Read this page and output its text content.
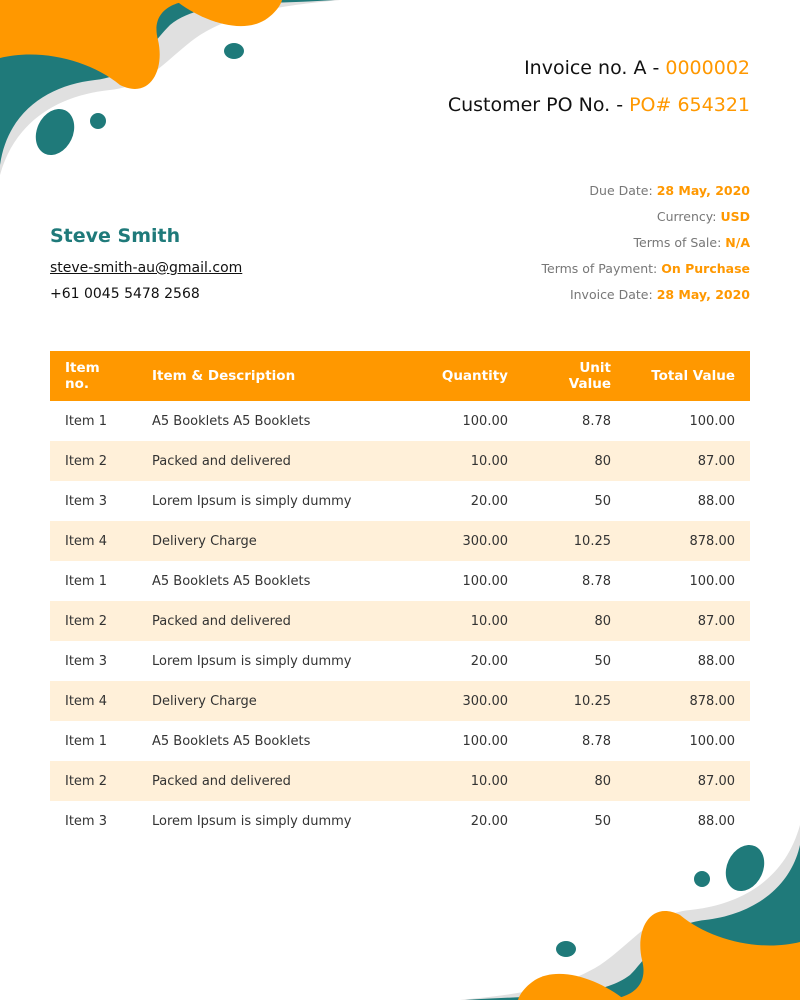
Invoice no. A - 0000002
Customer PO No. - PO# 654321
Steve Smith
steve-smith-au@gmail.com
+61 0045 5478 2568
Due Date: 28 May, 2020
Currency: USD
Terms of Sale: N/A
Terms of Payment: On Purchase
Invoice Date: 28 May, 2020
Item no.	Item & Description	Quantity	Unit Value	Total Value
Item 1	A5 Booklets A5 Booklets	100.00	8.78	100.00
Item 2	Packed and delivered	10.00	80	87.00
Item 3	Lorem Ipsum is simply dummy	20.00	50	88.00
Item 4	Delivery Charge	300.00	10.25	878.00
Item 1	A5 Booklets A5 Booklets	100.00	8.78	100.00
Item 2	Packed and delivered	10.00	80	87.00
Item 3	Lorem Ipsum is simply dummy	20.00	50	88.00
Item 4	Delivery Charge	300.00	10.25	878.00
Item 1	A5 Booklets A5 Booklets	100.00	8.78	100.00
Item 2	Packed and delivered	10.00	80	87.00
Item 3	Lorem Ipsum is simply dummy	20.00	50	88.00
